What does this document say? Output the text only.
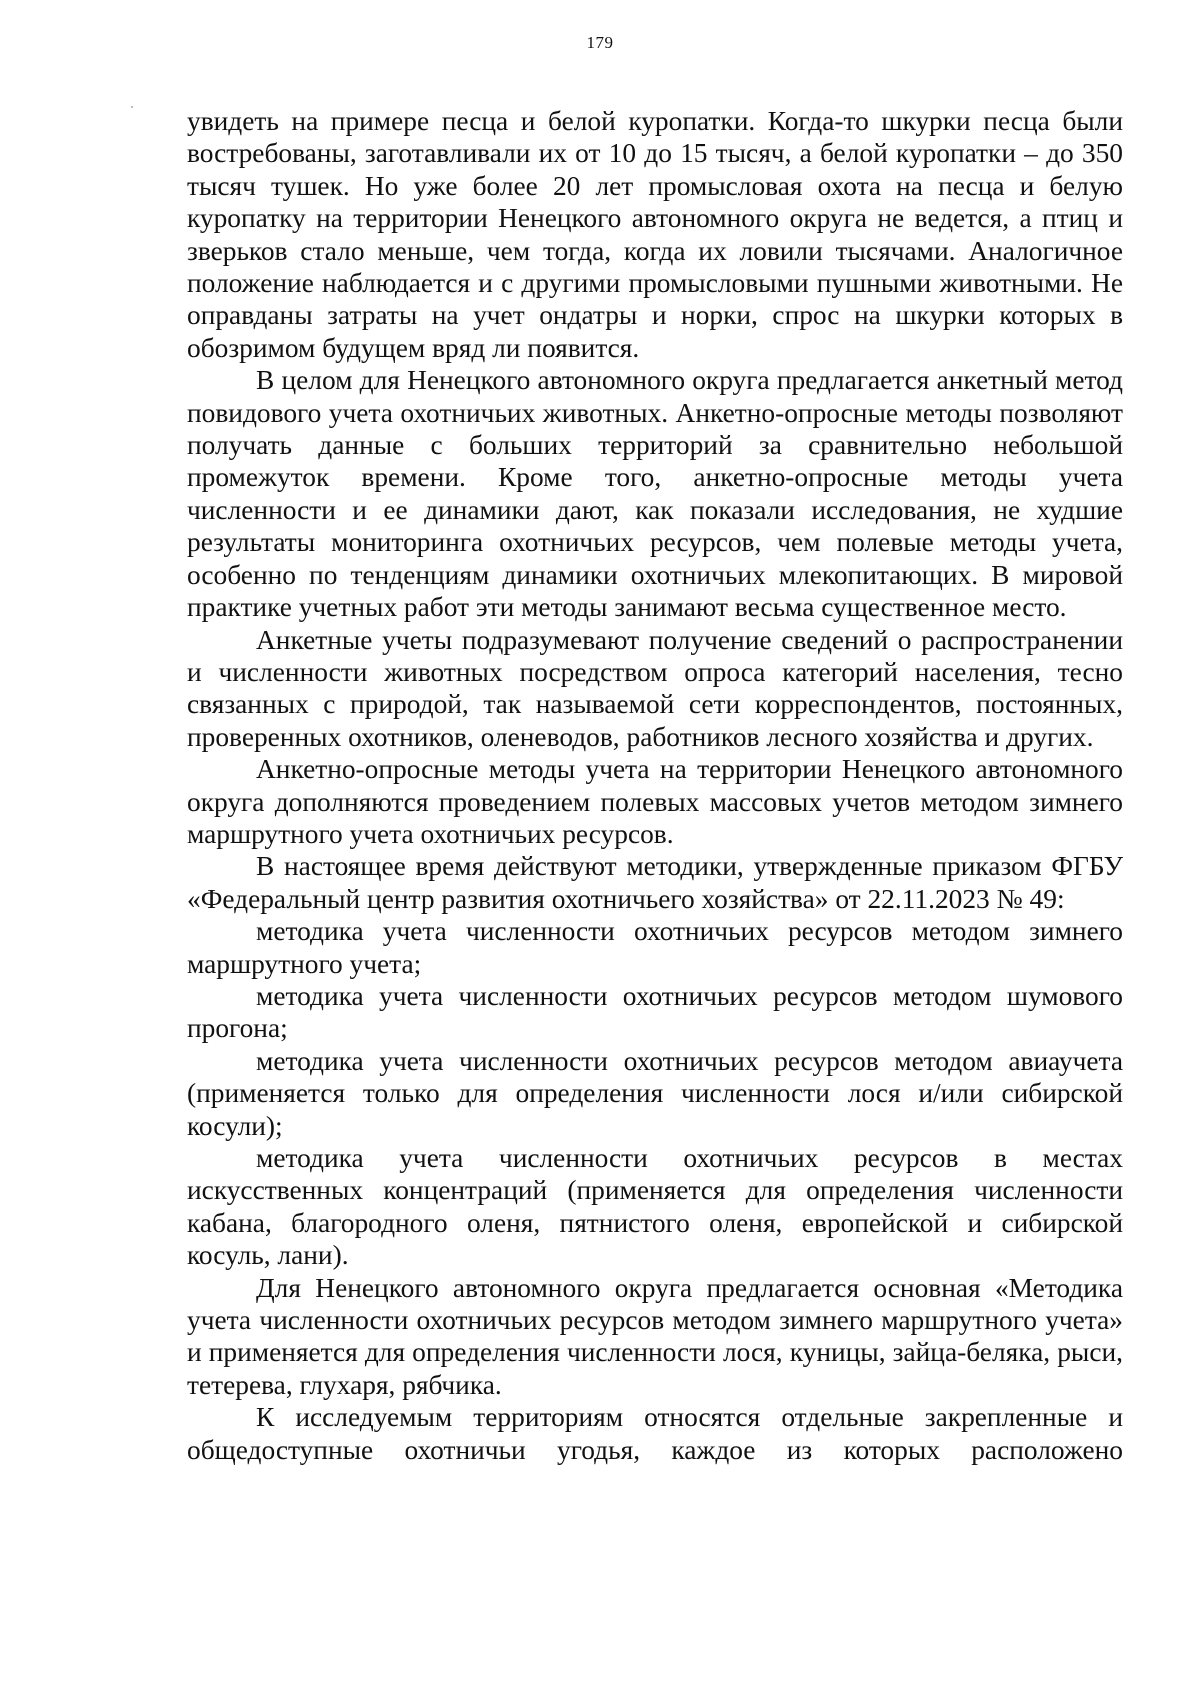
179

увидеть на примере песца и белой куропатки. Когда-то шкурки песца были востребованы, заготавливали их от 10 до 15 тысяч, а белой куропатки – до 350 тысяч тушек. Но уже более 20 лет промысловая охота на песца и белую куропатку на территории Ненецкого автономного округа не ведется, а птиц и зверьков стало меньше, чем тогда, когда их ловили тысячами. Аналогичное положение наблюдается и с другими промысловыми пушными животными. Не оправданы затраты на учет ондатры и норки, спрос на шкурки которых в обозримом будущем вряд ли появится.

В целом для Ненецкого автономного округа предлагается анкетный метод повидового учета охотничьих животных. Анкетно-опросные методы позволяют получать данные с больших территорий за сравнительно небольшой промежуток времени. Кроме того, анкетно-опросные методы учета численности и ее динамики дают, как показали исследования, не худшие результаты мониторинга охотничьих ресурсов, чем полевые методы учета, особенно по тенденциям динамики охотничьих млекопитающих. В мировой практике учетных работ эти методы занимают весьма существенное место.

Анкетные учеты подразумевают получение сведений о распространении и численности животных посредством опроса категорий населения, тесно связанных с природой, так называемой сети корреспондентов, постоянных, проверенных охотников, оленеводов, работников лесного хозяйства и других.

Анкетно-опросные методы учета на территории Ненецкого автономного округа дополняются проведением полевых массовых учетов методом зимнего маршрутного учета охотничьих ресурсов.

В настоящее время действуют методики, утвержденные приказом ФГБУ «Федеральный центр развития охотничьего хозяйства» от 22.11.2023 № 49:

методика учета численности охотничьих ресурсов методом зимнего маршрутного учета;

методика учета численности охотничьих ресурсов методом шумового прогона;

методика учета численности охотничьих ресурсов методом авиаучета (применяется только для определения численности лося и/или сибирской косули);

методика учета численности охотничьих ресурсов в местах искусственных концентраций (применяется для определения численности кабана, благородного оленя, пятнистого оленя, европейской и сибирской косуль, лани).

Для Ненецкого автономного округа предлагается основная «Методика учета численности охотничьих ресурсов методом зимнего маршрутного учета» и применяется для определения численности лося, куницы, зайца-беляка, рыси, тетерева, глухаря, рябчика.

К исследуемым территориям относятся отдельные закрепленные и общедоступные охотничьи угодья, каждое из которых расположено
